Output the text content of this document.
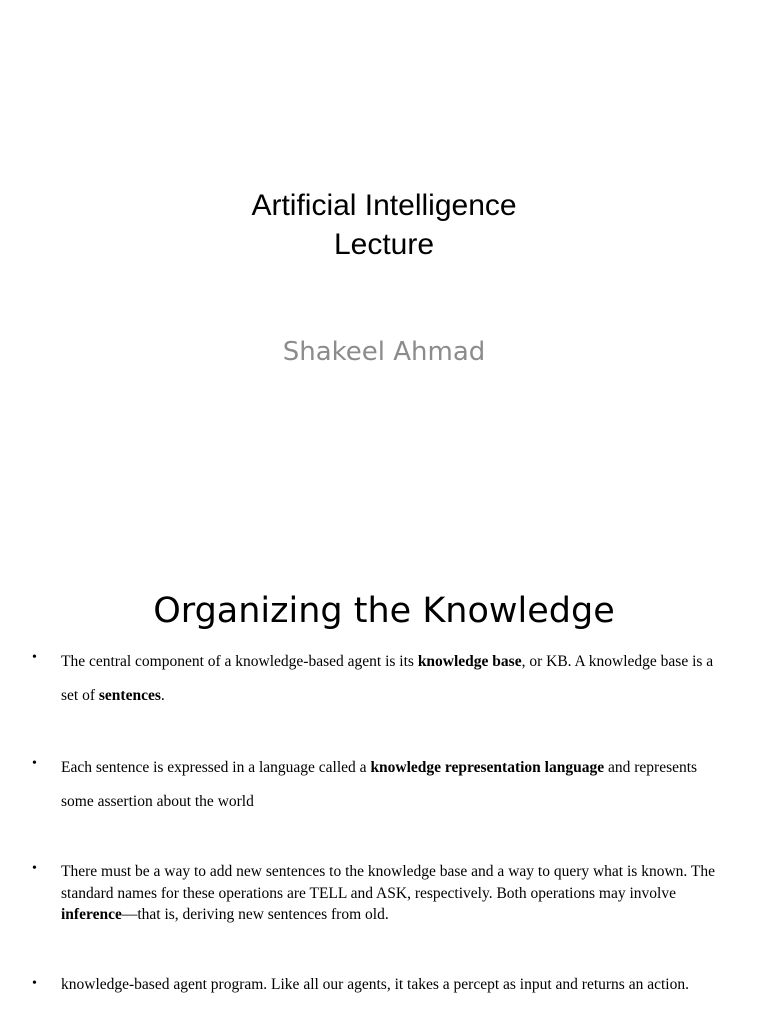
Artificial Intelligence
Lecture
Shakeel Ahmad
Organizing the Knowledge
• The central component of a knowledge-based agent is its knowledge base, or KB. A knowledge base is a set of sentences.
• Each sentence is expressed in a language called a knowledge representation language and represents some assertion about the world
• There must be a way to add new sentences to the knowledge base and a way to query what is known. The standard names for these operations are TELL and ASK, respectively. Both operations may involve inference—that is, deriving new sentences from old.
• knowledge-based agent program. Like all our agents, it takes a percept as input and returns an action.
